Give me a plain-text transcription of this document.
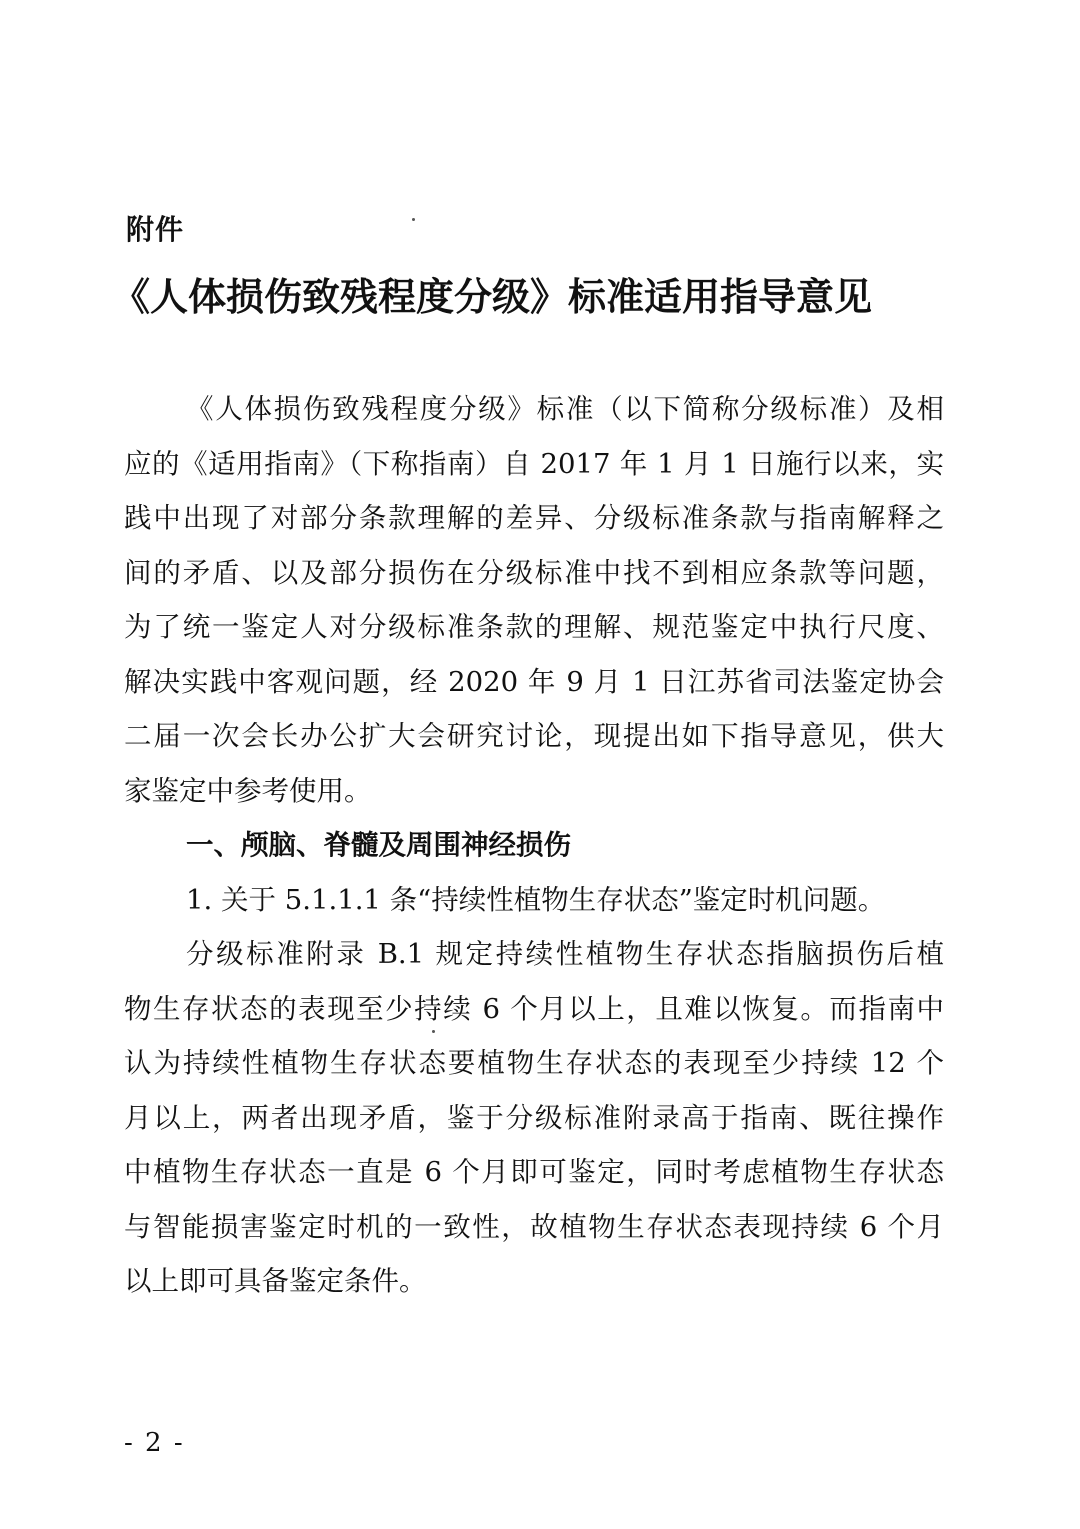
附件
《人体损伤致残程度分级》标准适用指导意见
《人体损伤致残程度分级》标准（以下简称分级标准）及相
应的《适用指南》（下称指南）自 2017 年 1 月 1 日施行以来，实
践中出现了对部分条款理解的差异、分级标准条款与指南解释之
间的矛盾、以及部分损伤在分级标准中找不到相应条款等问题，
为了统一鉴定人对分级标准条款的理解、规范鉴定中执行尺度、
解决实践中客观问题，经 2020 年 9 月 1 日江苏省司法鉴定协会
二届一次会长办公扩大会研究讨论，现提出如下指导意见，供大
家鉴定中参考使用。
一、颅脑、脊髓及周围神经损伤
1. 关于 5.1.1.1 条“持续性植物生存状态”鉴定时机问题。
分级标准附录 B.1 规定持续性植物生存状态指脑损伤后植
物生存状态的表现至少持续 6 个月以上，且难以恢复。而指南中
认为持续性植物生存状态要植物生存状态的表现至少持续 12 个
月以上，两者出现矛盾，鉴于分级标准附录高于指南、既往操作
中植物生存状态一直是 6 个月即可鉴定，同时考虑植物生存状态
与智能损害鉴定时机的一致性，故植物生存状态表现持续 6 个月
以上即可具备鉴定条件。
- 2 -
